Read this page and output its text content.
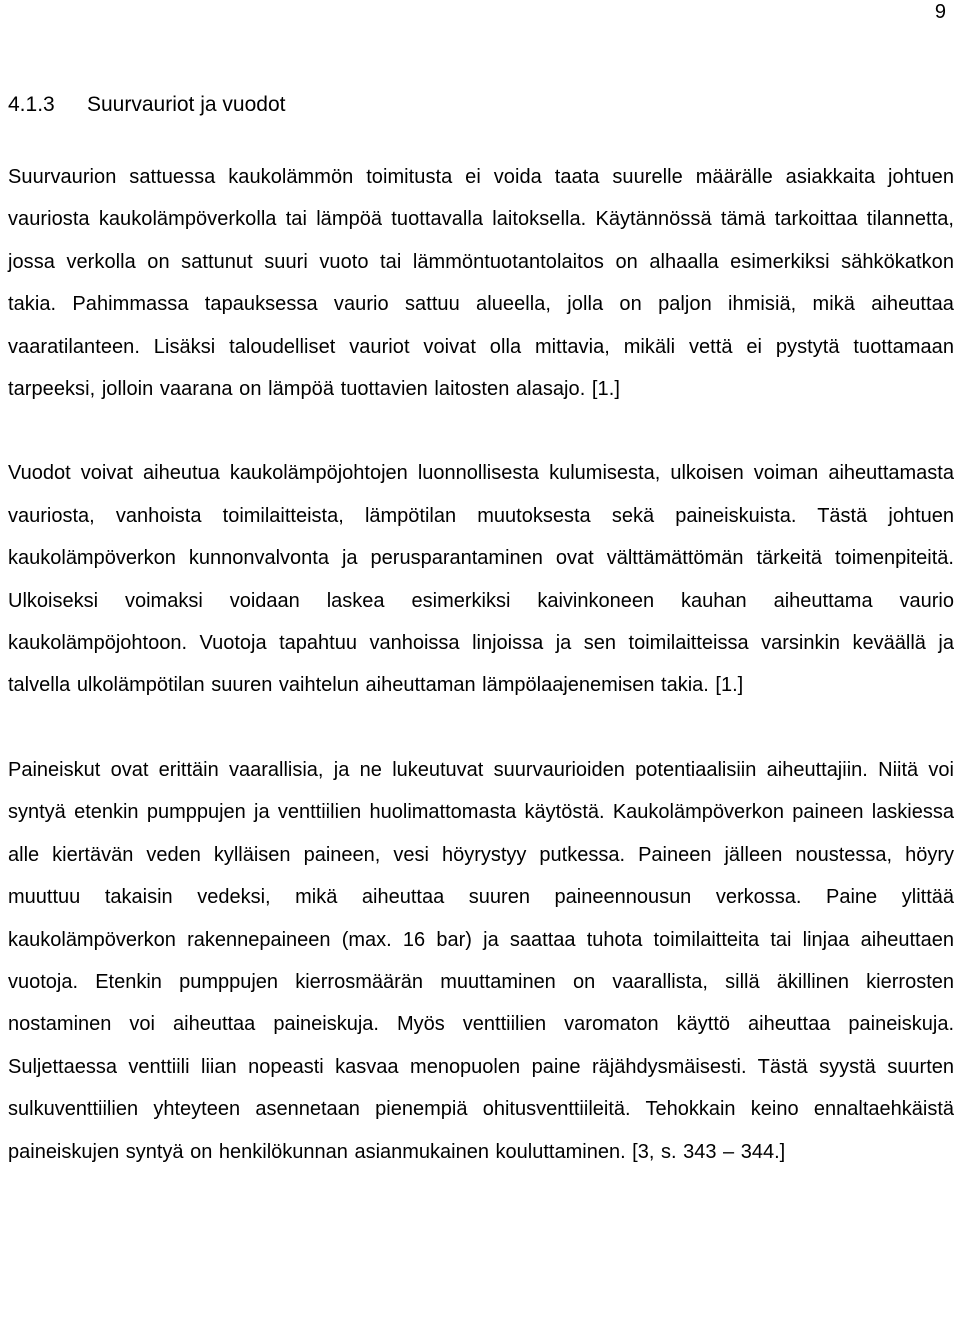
9
4.1.3 Suurvauriot ja vuodot

Suurvaurion sattuessa kaukolämmön toimitusta ei voida taata suurelle määrälle asiakkaita johtuen vauriosta kaukolämpöverkolla tai lämpöä tuottavalla laitoksella. Käytännössä tämä tarkoittaa tilannetta, jossa verkolla on sattunut suuri vuoto tai lämmöntuotantolaitos on alhaalla esimerkiksi sähkökatkon takia. Pahimmassa tapauksessa vaurio sattuu alueella, jolla on paljon ihmisiä, mikä aiheuttaa vaaratilanteen. Lisäksi taloudelliset vauriot voivat olla mittavia, mikäli vettä ei pystytä tuottamaan tarpeeksi, jolloin vaarana on lämpöä tuottavien laitosten alasajo. [1.]

Vuodot voivat aiheutua kaukolämpöjohtojen luonnollisesta kulumisesta, ulkoisen voiman aiheuttamasta vauriosta, vanhoista toimilaitteista, lämpötilan muutoksesta sekä paineiskuista. Tästä johtuen kaukolämpöverkon kunnonvalvonta ja perusparantaminen ovat välttämättömän tärkeitä toimenpiteitä. Ulkoiseksi voimaksi voidaan laskea esimerkiksi kaivinkoneen kauhan aiheuttama vaurio kaukolämpöjohtoon. Vuotoja tapahtuu vanhoissa linjoissa ja sen toimilaitteissa varsinkin keväällä ja talvella ulkolämpötilan suuren vaihtelun aiheuttaman lämpölaajenemisen takia. [1.]

Paineiskut ovat erittäin vaarallisia, ja ne lukeutuvat suurvaurioiden potentiaalisiin aiheuttajiin. Niitä voi syntyä etenkin pumppujen ja venttiilien huolimattomasta käytöstä. Kaukolämpöverkon paineen laskiessa alle kiertävän veden kylläisen paineen, vesi höyrystyy putkessa. Paineen jälleen noustessa, höyry muuttuu takaisin vedeksi, mikä aiheuttaa suuren paineennousun verkossa. Paine ylittää kaukolämpöverkon rakennepaineen (max. 16 bar) ja saattaa tuhota toimilaitteita tai linjaa aiheuttaen vuotoja. Etenkin pumppujen kierrosmäärän muuttaminen on vaarallista, sillä äkillinen kierrosten nostaminen voi aiheuttaa paineiskuja. Myös venttiilien varomaton käyttö aiheuttaa paineiskuja. Suljettaessa venttiili liian nopeasti kasvaa menopuolen paine räjähdysmäisesti. Tästä syystä suurten sulkuventtiilien yhteyteen asennetaan pienempiä ohitusventtiileitä. Tehokkain keino ennaltaehkäistä paineiskujen syntyä on henkilökunnan asianmukainen kouluttaminen. [3, s. 343 – 344.]
